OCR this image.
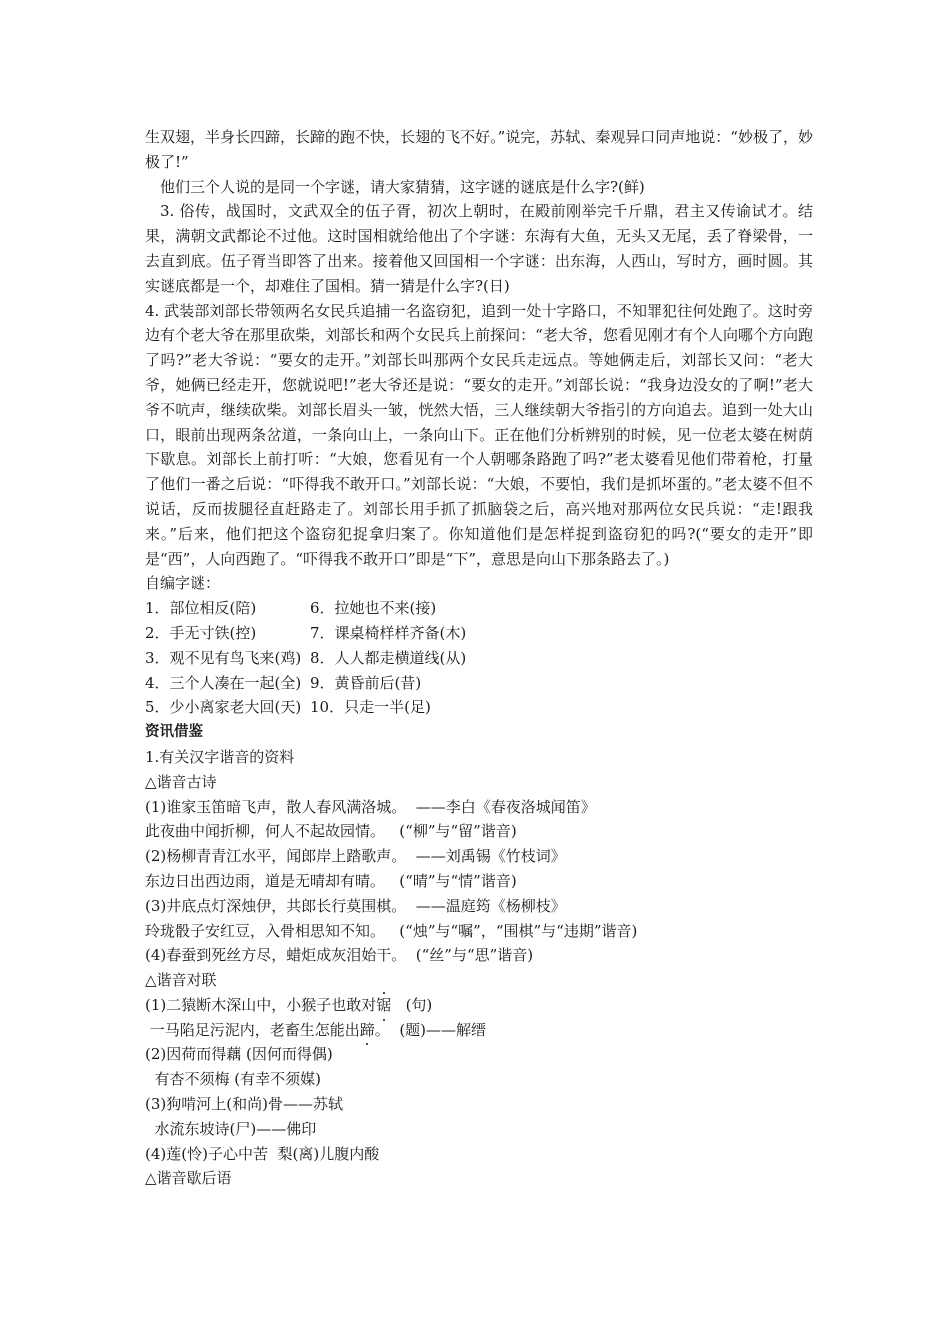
生双翅，半身长四蹄，长蹄的跑不快，长翅的飞不好。”说完，苏轼、秦观异口同声地说：“妙极了，妙极了!”

他们三个人说的是同一个字谜，请大家猜猜，这字谜的谜底是什么字?(鲜)

3. 俗传，战国时，文武双全的伍子胥，初次上朝时，在殿前刚举完千斤鼎，君主又传谕试才。结果，满朝文武都论不过他。这时国相就给他出了个字谜：东海有大鱼，无头又无尾，丢了脊梁骨，一去直到底。伍子胥当即答了出来。接着他又回国相一个字谜：出东海，人西山，写时方，画时圆。其实谜底都是一个，却难住了国相。猜一猜是什么字?(日)

4. 武装部刘部长带领两名女民兵追捕一名盗窃犯，追到一处十字路口，不知罪犯往何处跑了。这时旁边有个老大爷在那里砍柴，刘部长和两个女民兵上前探问：“老大爷，您看见刚才有个人向哪个方向跑了吗?”老大爷说：“要女的走开。”刘部长叫那两个女民兵走远点。等她俩走后，刘部长又问：“老大爷，她俩已经走开，您就说吧!”老大爷还是说：“要女的走开。”刘部长说：“我身边没女的了啊!”老大爷不吭声，继续砍柴。刘部长眉头一皱，恍然大悟，三人继续朝大爷指引的方向追去。追到一处大山口，眼前出现两条岔道，一条向山上，一条向山下。正在他们分析辨别的时候，见一位老太婆在树荫下歇息。刘部长上前打听：“大娘，您看见有一个人朝哪条路跑了吗?”老太婆看见他们带着枪，打量了他们一番之后说：“吓得我不敢开口。”刘部长说：“大娘，不要怕，我们是抓坏蛋的。”老太婆不但不说话，反而拔腿径直赶路走了。刘部长用手抓了抓脑袋之后，高兴地对那两位女民兵说：“走!跟我来。”后来，他们把这个盗窃犯捉拿归案了。你知道他们是怎样捉到盗窃犯的吗?(“要女的走开”即是“西”，人向西跑了。“吓得我不敢开口”即是“下”，意思是向山下那条路去了。)

自编字谜：

1．部位相反(陪)	6．拉她也不来(接)
2．手无寸铁(控)	7．课桌椅样样齐备(木)
3．观不见有鸟飞来(鸡) 8．人人都走横道线(从)
4．三个人凑在一起(全) 9．黄昏前后(昔)
5．少小离家老大回(天) 10．只走一半(足)

资讯借鉴

1.有关汉字谐音的资料

△谐音古诗

(1)谁家玉笛暗飞声，散人春风满洛城。  ——李白《春夜洛城闻笛》

此夜曲中闻折柳，何人不起故园情。   (“柳”与“留”谐音)

(2)杨柳青青江水平，闻郎岸上踏歌声。  ——刘禹锡《竹枝词》

东边日出西边雨，道是无晴却有晴。   (“晴”与“情”谐音)

(3)井底点灯深烛伊，共郎长行莫围棋。  ——温庭筠《杨柳枝》

玲珑骰子安红豆，入骨相思知不知。   (“烛”与“嘱”，“围棋”与“违期”谐音)

(4)春蚕到死丝方尽，蜡炬成灰泪始干。  (“丝”与“思”谐音)

△谐音对联

(1)二猿断木深山中，小猴子也敢对锯   (句)

一马陷足污泥内，老畜生怎能出蹄。  (题)——解缙

(2)因荷而得藕 (因何而得偶)

有杏不须梅 (有幸不须媒)

(3)狗啃河上(和尚)骨——苏轼

水流东坡诗(尸)——佛印

(4)莲(怜)子心中苦  梨(离)儿腹内酸

△谐音歇后语
